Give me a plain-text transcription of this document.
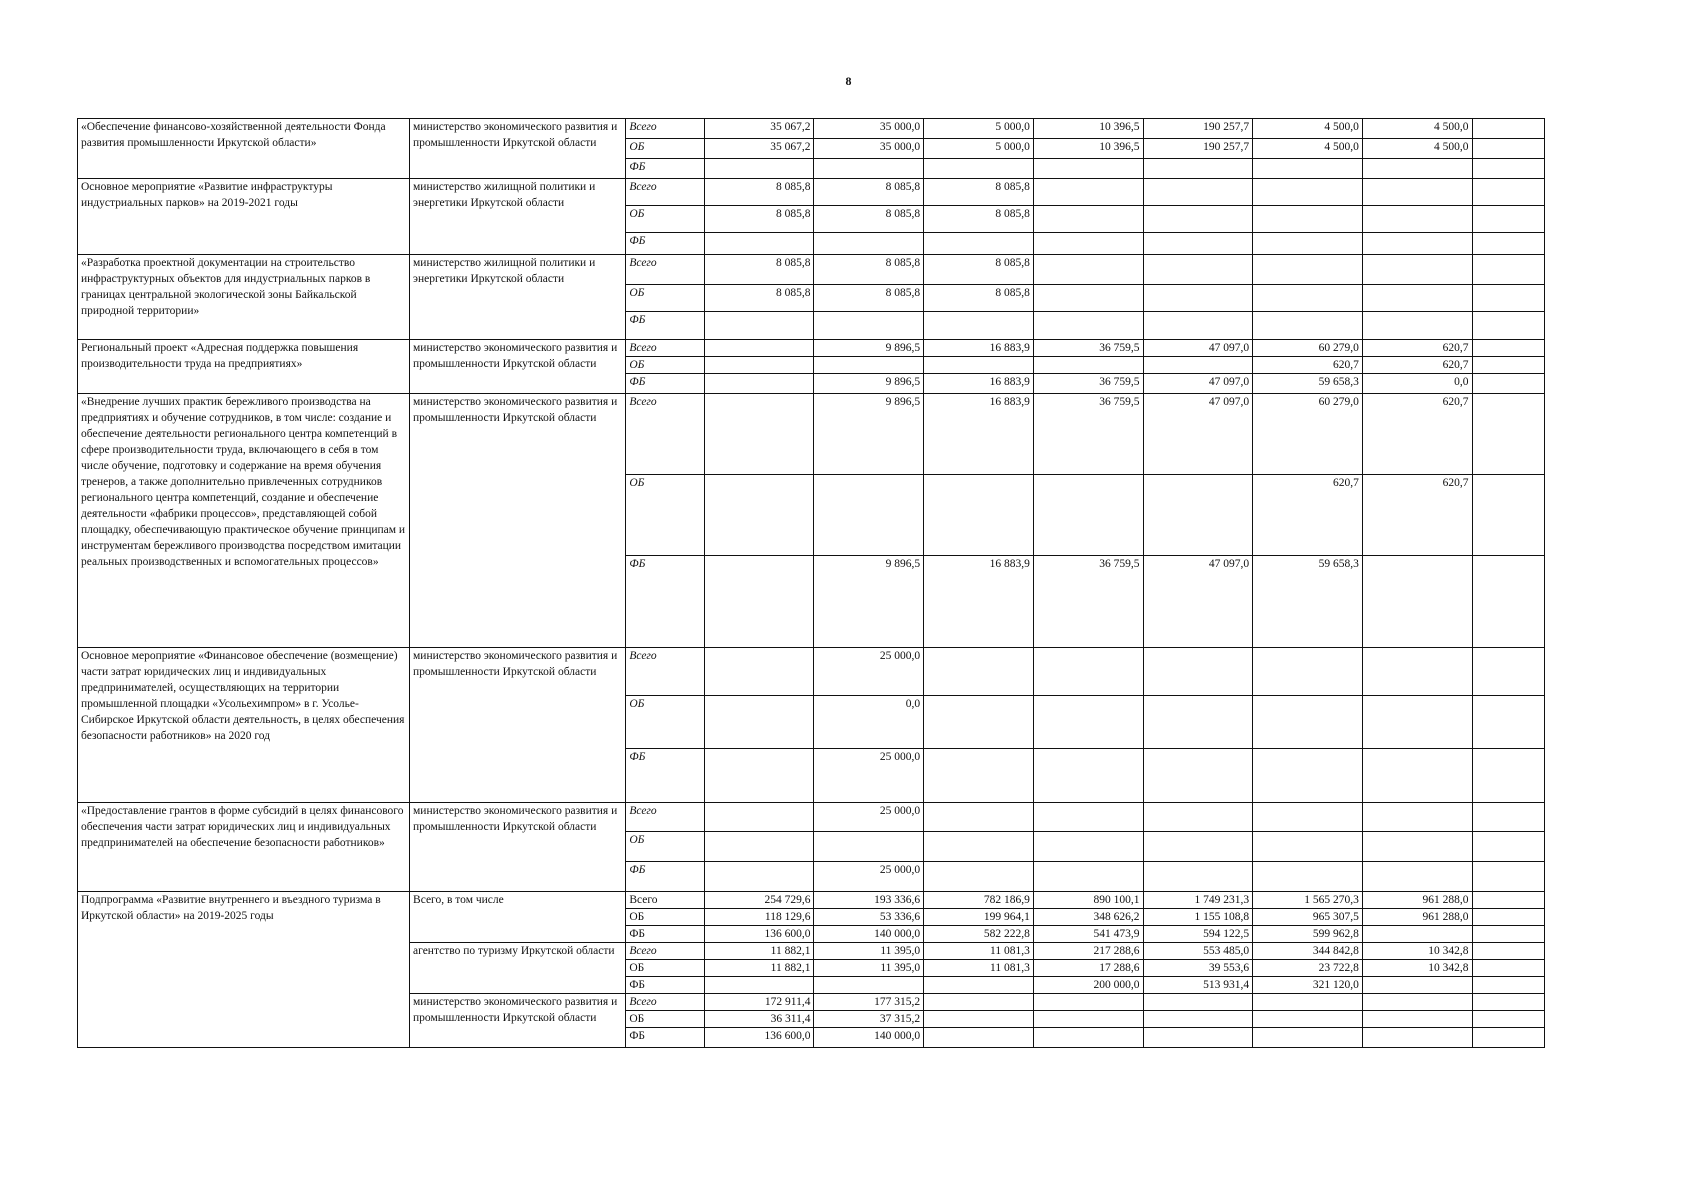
8
«Обеспечение финансово-хозяйственной деятельности Фонда развития промышленности Иркутской области»	министерство экономического развития и промышленности Иркутской области	Всего	35 067,2	35 000,0	5 000,0	10 396,5	190 257,7	4 500,0	4 500,0	
		ОБ	35 067,2	35 000,0	5 000,0	10 396,5	190 257,7	4 500,0	4 500,0	
		ФБ								
Основное мероприятие «Развитие инфраструктуры индустриальных парков» на 2019-2021 годы	министерство жилищной политики и энергетики Иркутской области	Всего	8 085,8	8 085,8	8 085,8					
		ОБ	8 085,8	8 085,8	8 085,8					
		ФБ								
«Разработка проектной документации на строительство инфраструктурных объектов для индустриальных парков в границах центральной экологической зоны Байкальской природной территории»	министерство жилищной политики и энергетики Иркутской области	Всего	8 085,8	8 085,8	8 085,8					
		ОБ	8 085,8	8 085,8	8 085,8					
		ФБ								
Региональный проект «Адресная поддержка повышения производительности труда на предприятиях»	министерство экономического развития и промышленности Иркутской области	Всего		9 896,5	16 883,9	36 759,5	47 097,0	60 279,0	620,7	
		ОБ						620,7	620,7	
		ФБ		9 896,5	16 883,9	36 759,5	47 097,0	59 658,3	0,0	
«Внедрение лучших практик бережливого производства на предприятиях и обучение сотрудников, в том числе: создание и обеспечение деятельности регионального центра компетенций в сфере производительности труда, включающего в себя в том числе обучение, подготовку и содержание на время обучения тренеров, а также дополнительно привлеченных сотрудников регионального центра компетенций, создание и обеспечение деятельности «фабрики процессов», представляющей собой площадку, обеспечивающую практическое обучение принципам и инструментам бережливого производства посредством имитации реальных производственных и вспомогательных процессов»	министерство экономического развития и промышленности Иркутской области	Всего		9 896,5	16 883,9	36 759,5	47 097,0	60 279,0	620,7	
		ОБ						620,7	620,7	
		ФБ		9 896,5	16 883,9	36 759,5	47 097,0	59 658,3		
Основное мероприятие «Финансовое обеспечение (возмещение) части затрат юридических лиц и индивидуальных предпринимателей, осуществляющих на территории промышленной площадки «Усольехимпром» в г. Усолье-Сибирское Иркутской области деятельность, в целях обеспечения безопасности работников» на 2020 год	министерство экономического развития и промышленности Иркутской области	Всего		25 000,0						
		ОБ		0,0						
		ФБ		25 000,0						
«Предоставление грантов в форме субсидий в целях финансового обеспечения части затрат юридических лиц и индивидуальных предпринимателей на обеспечение безопасности работников»	министерство экономического развития и промышленности Иркутской области	Всего		25 000,0						
		ОБ								
		ФБ		25 000,0						
Подпрограмма «Развитие внутреннего и въездного туризма в Иркутской области» на 2019-2025 годы	Всего, в том числе	Всего	254 729,6	193 336,6	782 186,9	890 100,1	1 749 231,3	1 565 270,3	961 288,0	
		ОБ	118 129,6	53 336,6	199 964,1	348 626,2	1 155 108,8	965 307,5	961 288,0	
		ФБ	136 600,0	140 000,0	582 222,8	541 473,9	594 122,5	599 962,8		
	агентство по туризму Иркутской области	Всего	11 882,1	11 395,0	11 081,3	217 288,6	553 485,0	344 842,8	10 342,8	
		ОБ	11 882,1	11 395,0	11 081,3	17 288,6	39 553,6	23 722,8	10 342,8	
		ФБ				200 000,0	513 931,4	321 120,0		
	министерство экономического развития и промышленности Иркутской области	Всего	172 911,4	177 315,2						
		ОБ	36 311,4	37 315,2						
		ФБ	136 600,0	140 000,0						
